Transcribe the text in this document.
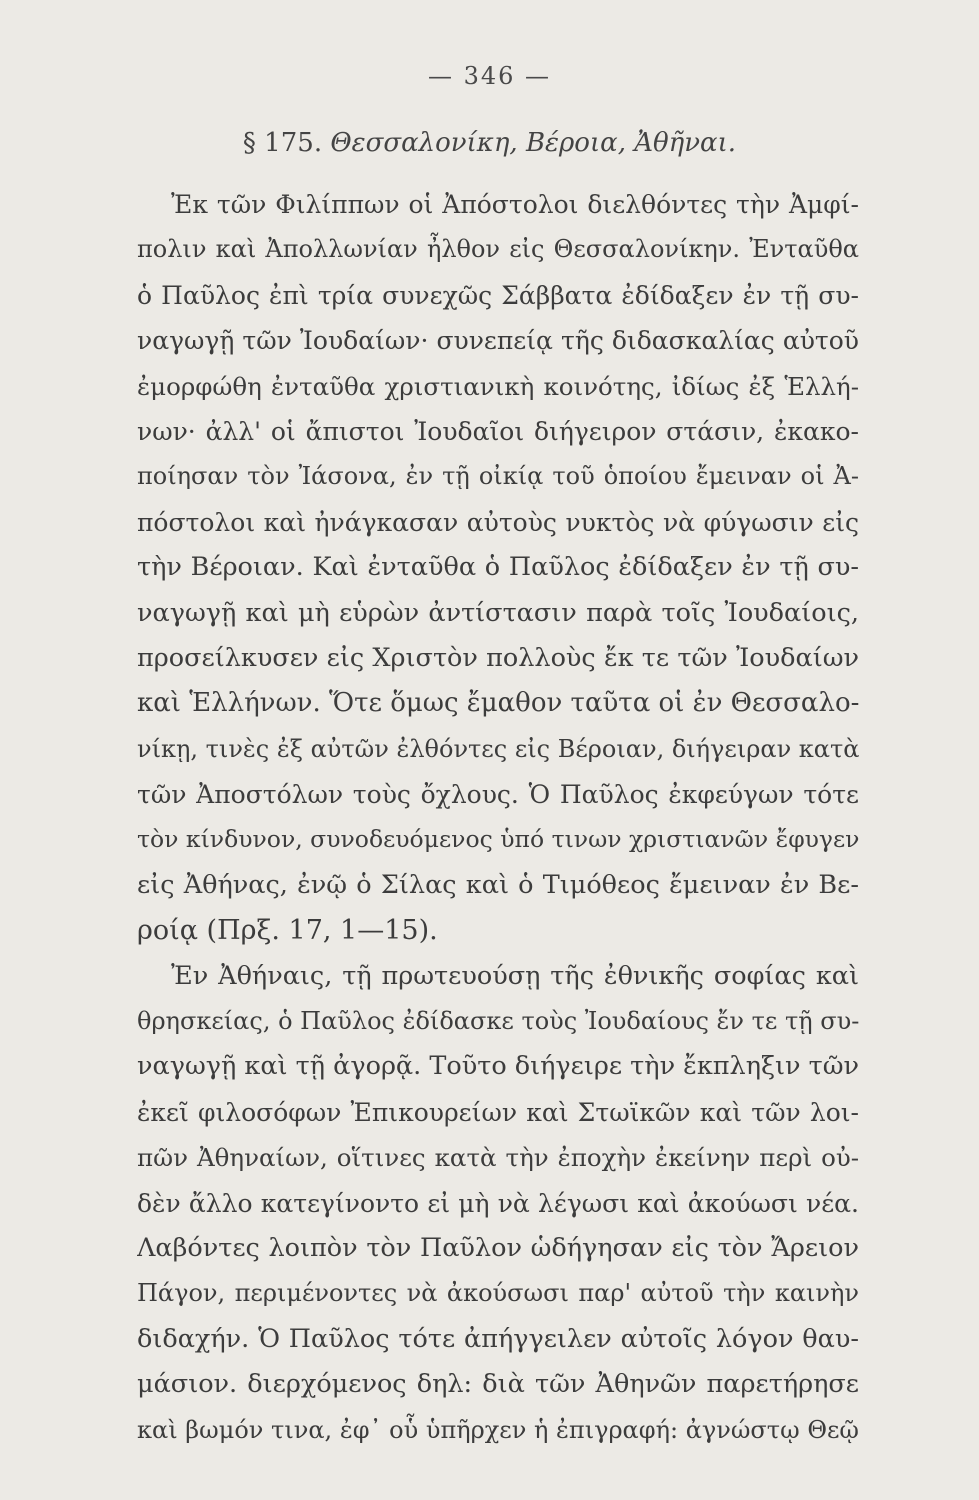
— 346 —
§ 175. Θεσσαλονίκη, Βέροια, Ἀθῆναι.
Ἐκ τῶν Φιλίππων οἱ Ἀπόστολοι διελθόντες τὴν Ἀμφί-
πολιν καὶ Ἀπολλωνίαν ἦλθον εἰς Θεσσαλονίκην. Ἐνταῦθα
ὁ Παῦλος ἐπὶ τρία συνεχῶς Σάββατα ἐδίδαξεν ἐν τῇ συ-
ναγωγῇ τῶν Ἰουδαίων· συνεπείᾳ τῆς διδασκαλίας αὐτοῦ
ἐμορφώθη ἐνταῦθα χριστιανικὴ κοινότης, ἰδίως ἐξ Ἑλλή-
νων· ἀλλ' οἱ ἄπιστοι Ἰουδαῖοι διήγειρον στάσιν, ἐκακο-
ποίησαν τὸν Ἰάσονα, ἐν τῇ οἰκίᾳ τοῦ ὁποίου ἔμειναν οἱ Ἀ-
πόστολοι καὶ ἠνάγκασαν αὐτοὺς νυκτὸς νὰ φύγωσιν εἰς
τὴν Βέροιαν. Καὶ ἐνταῦθα ὁ Παῦλος ἐδίδαξεν ἐν τῇ συ-
ναγωγῇ καὶ μὴ εὑρὼν ἀντίστασιν παρὰ τοῖς Ἰουδαίοις,
προσείλκυσεν εἰς Χριστὸν πολλοὺς ἔκ τε τῶν Ἰουδαίων
καὶ Ἑλλήνων. Ὅτε ὅμως ἔμαθον ταῦτα οἱ ἐν Θεσσαλο-
νίκῃ, τινὲς ἐξ αὐτῶν ἐλθόντες εἰς Βέροιαν, διήγειραν κατὰ
τῶν Ἀποστόλων τοὺς ὄχλους. Ὁ Παῦλος ἐκφεύγων τότε
τὸν κίνδυνον, συνοδευόμενος ὑπό τινων χριστιανῶν ἔφυγεν
εἰς Ἀθήνας, ἐνῷ ὁ Σίλας καὶ ὁ Τιμόθεος ἔμειναν ἐν Βε-
ροίᾳ (Πρξ. 17, 1—15).
Ἐν Ἀθήναις, τῇ πρωτευούσῃ τῆς ἐθνικῆς σοφίας καὶ
θρησκείας, ὁ Παῦλος ἐδίδασκε τοὺς Ἰουδαίους ἔν τε τῇ συ-
ναγωγῇ καὶ τῇ ἀγορᾷ. Τοῦτο διήγειρε τὴν ἔκπληξιν τῶν
ἐκεῖ φιλοσόφων Ἐπικουρείων καὶ Στωϊκῶν καὶ τῶν λοι-
πῶν Ἀθηναίων, οἵτινες κατὰ τὴν ἐποχὴν ἐκείνην περὶ οὐ-
δὲν ἄλλο κατεγίνοντο εἰ μὴ νὰ λέγωσι καὶ ἀκούωσι νέα.
Λαβόντες λοιπὸν τὸν Παῦλον ὡδήγησαν εἰς τὸν Ἄρειον
Πάγον, περιμένοντες νὰ ἀκούσωσι παρ' αὐτοῦ τὴν καινὴν
διδαχήν. Ὁ Παῦλος τότε ἀπήγγειλεν αὐτοῖς λόγον θαυ-
μάσιον. διερχόμενος δηλ: διὰ τῶν Ἀθηνῶν παρετήρησε
καὶ βωμόν τινα, ἐφ᾽ οὗ ὑπῆρχεν ἡ ἐπιγραφή: ἀγνώστῳ Θεῷ
